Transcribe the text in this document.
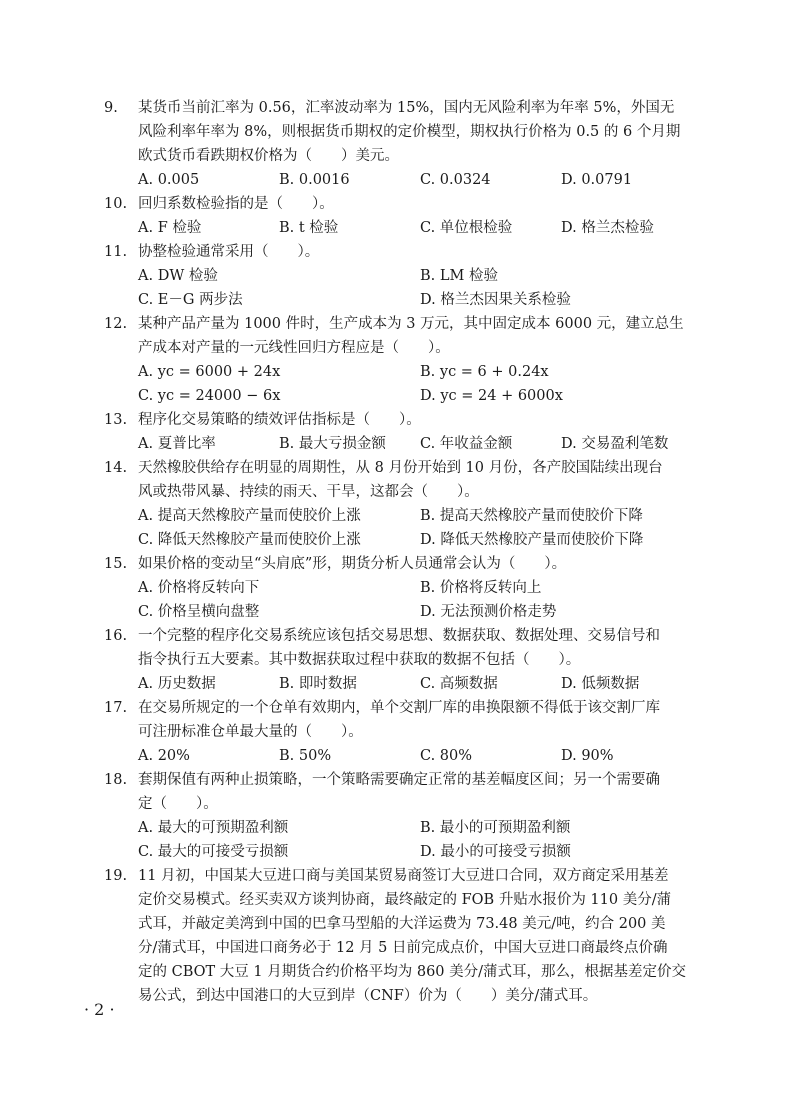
9. 某货币当前汇率为 0.56，汇率波动率为 15%，国内无风险利率为年率 5%，外国无
风险利率年率为 8%，则根据货币期权的定价模型，期权执行价格为 0.5 的 6 个月期
欧式货币看跌期权价格为（　　）美元。
A. 0.005	B. 0.0016	C. 0.0324	D. 0.0791
10. 回归系数检验指的是（　　）。
A. F 检验	B. t 检验	C. 单位根检验	D. 格兰杰检验
11. 协整检验通常采用（　　）。
A. DW 检验	B. LM 检验
C. E－G 两步法	D. 格兰杰因果关系检验
12. 某种产品产量为 1000 件时，生产成本为 3 万元，其中固定成本 6000 元，建立总生
产成本对产量的一元线性回归方程应是（　　）。
A. yc = 6000 + 24x	B. yc = 6 + 0.24x
C. yc = 24000 − 6x	D. yc = 24 + 6000x
13. 程序化交易策略的绩效评估指标是（　　）。
A. 夏普比率	B. 最大亏损金额	C. 年收益金额	D. 交易盈利笔数
14. 天然橡胶供给存在明显的周期性，从 8 月份开始到 10 月份，各产胶国陆续出现台
风或热带风暴、持续的雨天、干旱，这都会（　　）。
A. 提高天然橡胶产量而使胶价上涨	B. 提高天然橡胶产量而使胶价下降
C. 降低天然橡胶产量而使胶价上涨	D. 降低天然橡胶产量而使胶价下降
15. 如果价格的变动呈“头肩底”形，期货分析人员通常会认为（　　）。
A. 价格将反转向下	B. 价格将反转向上
C. 价格呈横向盘整	D. 无法预测价格走势
16. 一个完整的程序化交易系统应该包括交易思想、数据获取、数据处理、交易信号和
指令执行五大要素。其中数据获取过程中获取的数据不包括（　　）。
A. 历史数据	B. 即时数据	C. 高频数据	D. 低频数据
17. 在交易所规定的一个仓单有效期内，单个交割厂库的串换限额不得低于该交割厂库
可注册标准仓单最大量的（　　）。
A. 20%	B. 50%	C. 80%	D. 90%
18. 套期保值有两种止损策略，一个策略需要确定正常的基差幅度区间；另一个需要确
定（　　）。
A. 最大的可预期盈利额	B. 最小的可预期盈利额
C. 最大的可接受亏损额	D. 最小的可接受亏损额
19. 11 月初，中国某大豆进口商与美国某贸易商签订大豆进口合同，双方商定采用基差
定价交易模式。经买卖双方谈判协商，最终敲定的 FOB 升贴水报价为 110 美分/蒲
式耳，并敲定美湾到中国的巴拿马型船的大洋运费为 73.48 美元/吨，约合 200 美
分/蒲式耳，中国进口商务必于 12 月 5 日前完成点价，中国大豆进口商最终点价确
定的 CBOT 大豆 1 月期货合约价格平均为 860 美分/蒲式耳，那么，根据基差定价交
易公式，到达中国港口的大豆到岸（CNF）价为（　　）美分/蒲式耳。
· 2 ·
